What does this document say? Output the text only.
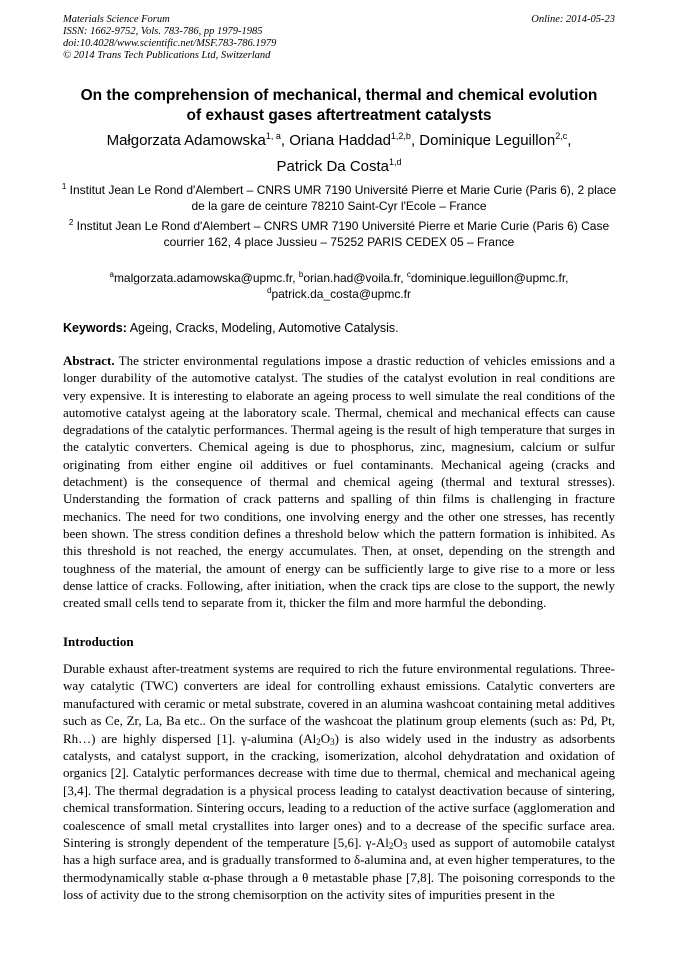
Materials Science Forum
ISSN: 1662-9752, Vols. 783-786, pp 1979-1985
doi:10.4028/www.scientific.net/MSF.783-786.1979
© 2014 Trans Tech Publications Ltd, Switzerland
Online: 2014-05-23
On the comprehension of mechanical, thermal and chemical evolution
of exhaust gases aftertreatment catalysts
Małgorzata Adamowska$^{1, a}$, Oriana Haddad$^{1,2,b}$, Dominique Leguillon$^{2,c}$,
Patrick Da Costa$^{1,d}$
$^1$ Institut Jean Le Rond d'Alembert – CNRS UMR 7190 Université Pierre et Marie Curie (Paris 6), 2 place de la gare de ceinture 78210 Saint-Cyr l'Ecole – France
$^2$ Institut Jean Le Rond d'Alembert – CNRS UMR 7190 Université Pierre et Marie Curie (Paris 6) Case courrier 162, 4 place Jussieu – 75252 PARIS CEDEX 05 – France
$^a$malgorzata.adamowska@upmc.fr, $^b$orian.had@voila.fr, $^c$dominique.leguillon@upmc.fr,
$^d$patrick.da_costa@upmc.fr
Keywords: Ageing, Cracks, Modeling, Automotive Catalysis.
Abstract. The stricter environmental regulations impose a drastic reduction of vehicles emissions and a longer durability of the automotive catalyst. The studies of the catalyst evolution in real conditions are very expensive. It is interesting to elaborate an ageing process to well simulate the real conditions of the automotive catalyst ageing at the laboratory scale. Thermal, chemical and mechanical effects can cause degradations of the catalytic performances. Thermal ageing is the result of high temperature that surges in the catalytic converters. Chemical ageing is due to phosphorus, zinc, magnesium, calcium or sulfur originating from either engine oil additives or fuel contaminants. Mechanical ageing (cracks and detachment) is the consequence of thermal and chemical ageing (thermal and textural stresses). Understanding the formation of crack patterns and spalling of thin films is challenging in fracture mechanics. The need for two conditions, one involving energy and the other one stresses, has recently been shown. The stress condition defines a threshold below which the pattern formation is inhibited. As this threshold is not reached, the energy accumulates. Then, at onset, depending on the strength and toughness of the material, the amount of energy can be sufficiently large to give rise to a more or less dense lattice of cracks. Following, after initiation, when the crack tips are close to the support, the newly created small cells tend to separate from it, thicker the film and more harmful the debonding.
Introduction
Durable exhaust after-treatment systems are required to rich the future environmental regulations. Three-way catalytic (TWC) converters are ideal for controlling exhaust emissions. Catalytic converters are manufactured with ceramic or metal substrate, covered in an alumina washcoat containing metal additives such as Ce, Zr, La, Ba etc.. On the surface of the washcoat the platinum group elements (such as: Pd, Pt, Rh…) are highly dispersed [1]. γ-alumina $(Al_2O_3)$ is also widely used in the industry as adsorbents catalysts, and catalyst support, in the cracking, isomerization, alcohol dehydratation and oxidation of organics [2]. Catalytic performances decrease with time due to thermal, chemical and mechanical ageing [3,4]. The thermal degradation is a physical process leading to catalyst deactivation because of sintering, chemical transformation. Sintering occurs, leading to a reduction of the active surface (agglomeration and coalescence of small metal crystallites into larger ones) and to a decrease of the specific surface area. Sintering is strongly dependent of the temperature [5,6]. $\gamma-Al_2O_3$ used as support of automobile catalyst has a high surface area, and is gradually transformed to δ-alumina and, at even higher temperatures, to the thermodynamically stable α-phase through a θ metastable phase [7,8]. The poisoning corresponds to the loss of activity due to the strong chemisorption on the activity sites of impurities present in the
